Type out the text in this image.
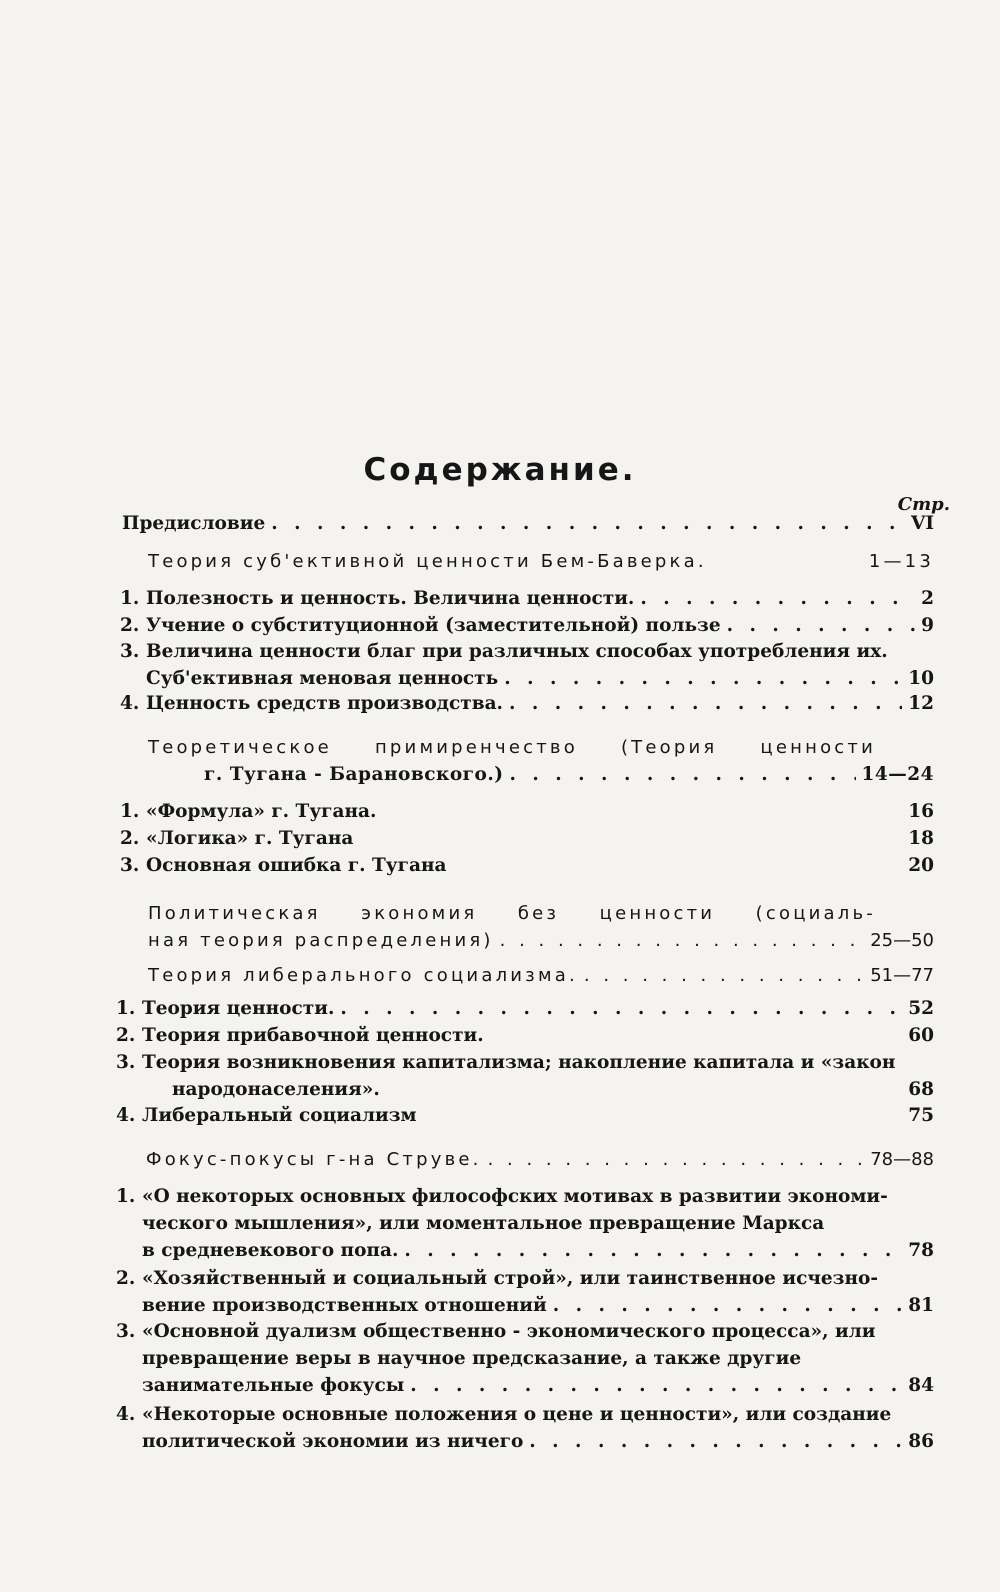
Содержание.
Стр.
Предисловие . . .	VI
Теория суб'ективной ценности Бем-Баверка.	1—13
1. Полезность и ценность. Величина ценности. . . .	2
2. Учение о субституционной (заместительной) пользе . . .	9
3. Величина ценности благ при различных способах употребления их.
Суб'ективная меновая ценность . . .	10
4. Ценность средств производства. . . .	12
Теоретическое примиренчество (Теория ценности
г. Тугана - Барановского.) . . .	14—24
1. «Формула» г. Тугана.	16
2. «Логика» г. Тугана	18
3. Основная ошибка г. Тугана	20
Политическая экономия без ценности (социаль-
ная теория распределения) . . .	25—50
Теория либерального социализма. . . .	51—77
1. Теория ценности. . . .	52
2. Теория прибавочной ценности.	60
3. Теория возникновения капитализма; накопление капитала и «закон
народонаселения».	68
4. Либеральный социализм	75
Фокус-покусы г-на Струве. . . .	78—88
1. «О некоторых основных философских мотивах в развитии экономи-
ческого мышления», или моментальное превращение Маркса
в средневекового попа. . . .	78
2. «Хозяйственный и социальный строй», или таинственное исчезно-
вение производственных отношений . . .	81
3. «Основной дуализм общественно - экономического процесса», или
превращение веры в научное предсказание, а также другие
занимательные фокусы . . .	84
4. «Некоторые основные положения о цене и ценности», или создание
политической экономии из ничего . . .	86
